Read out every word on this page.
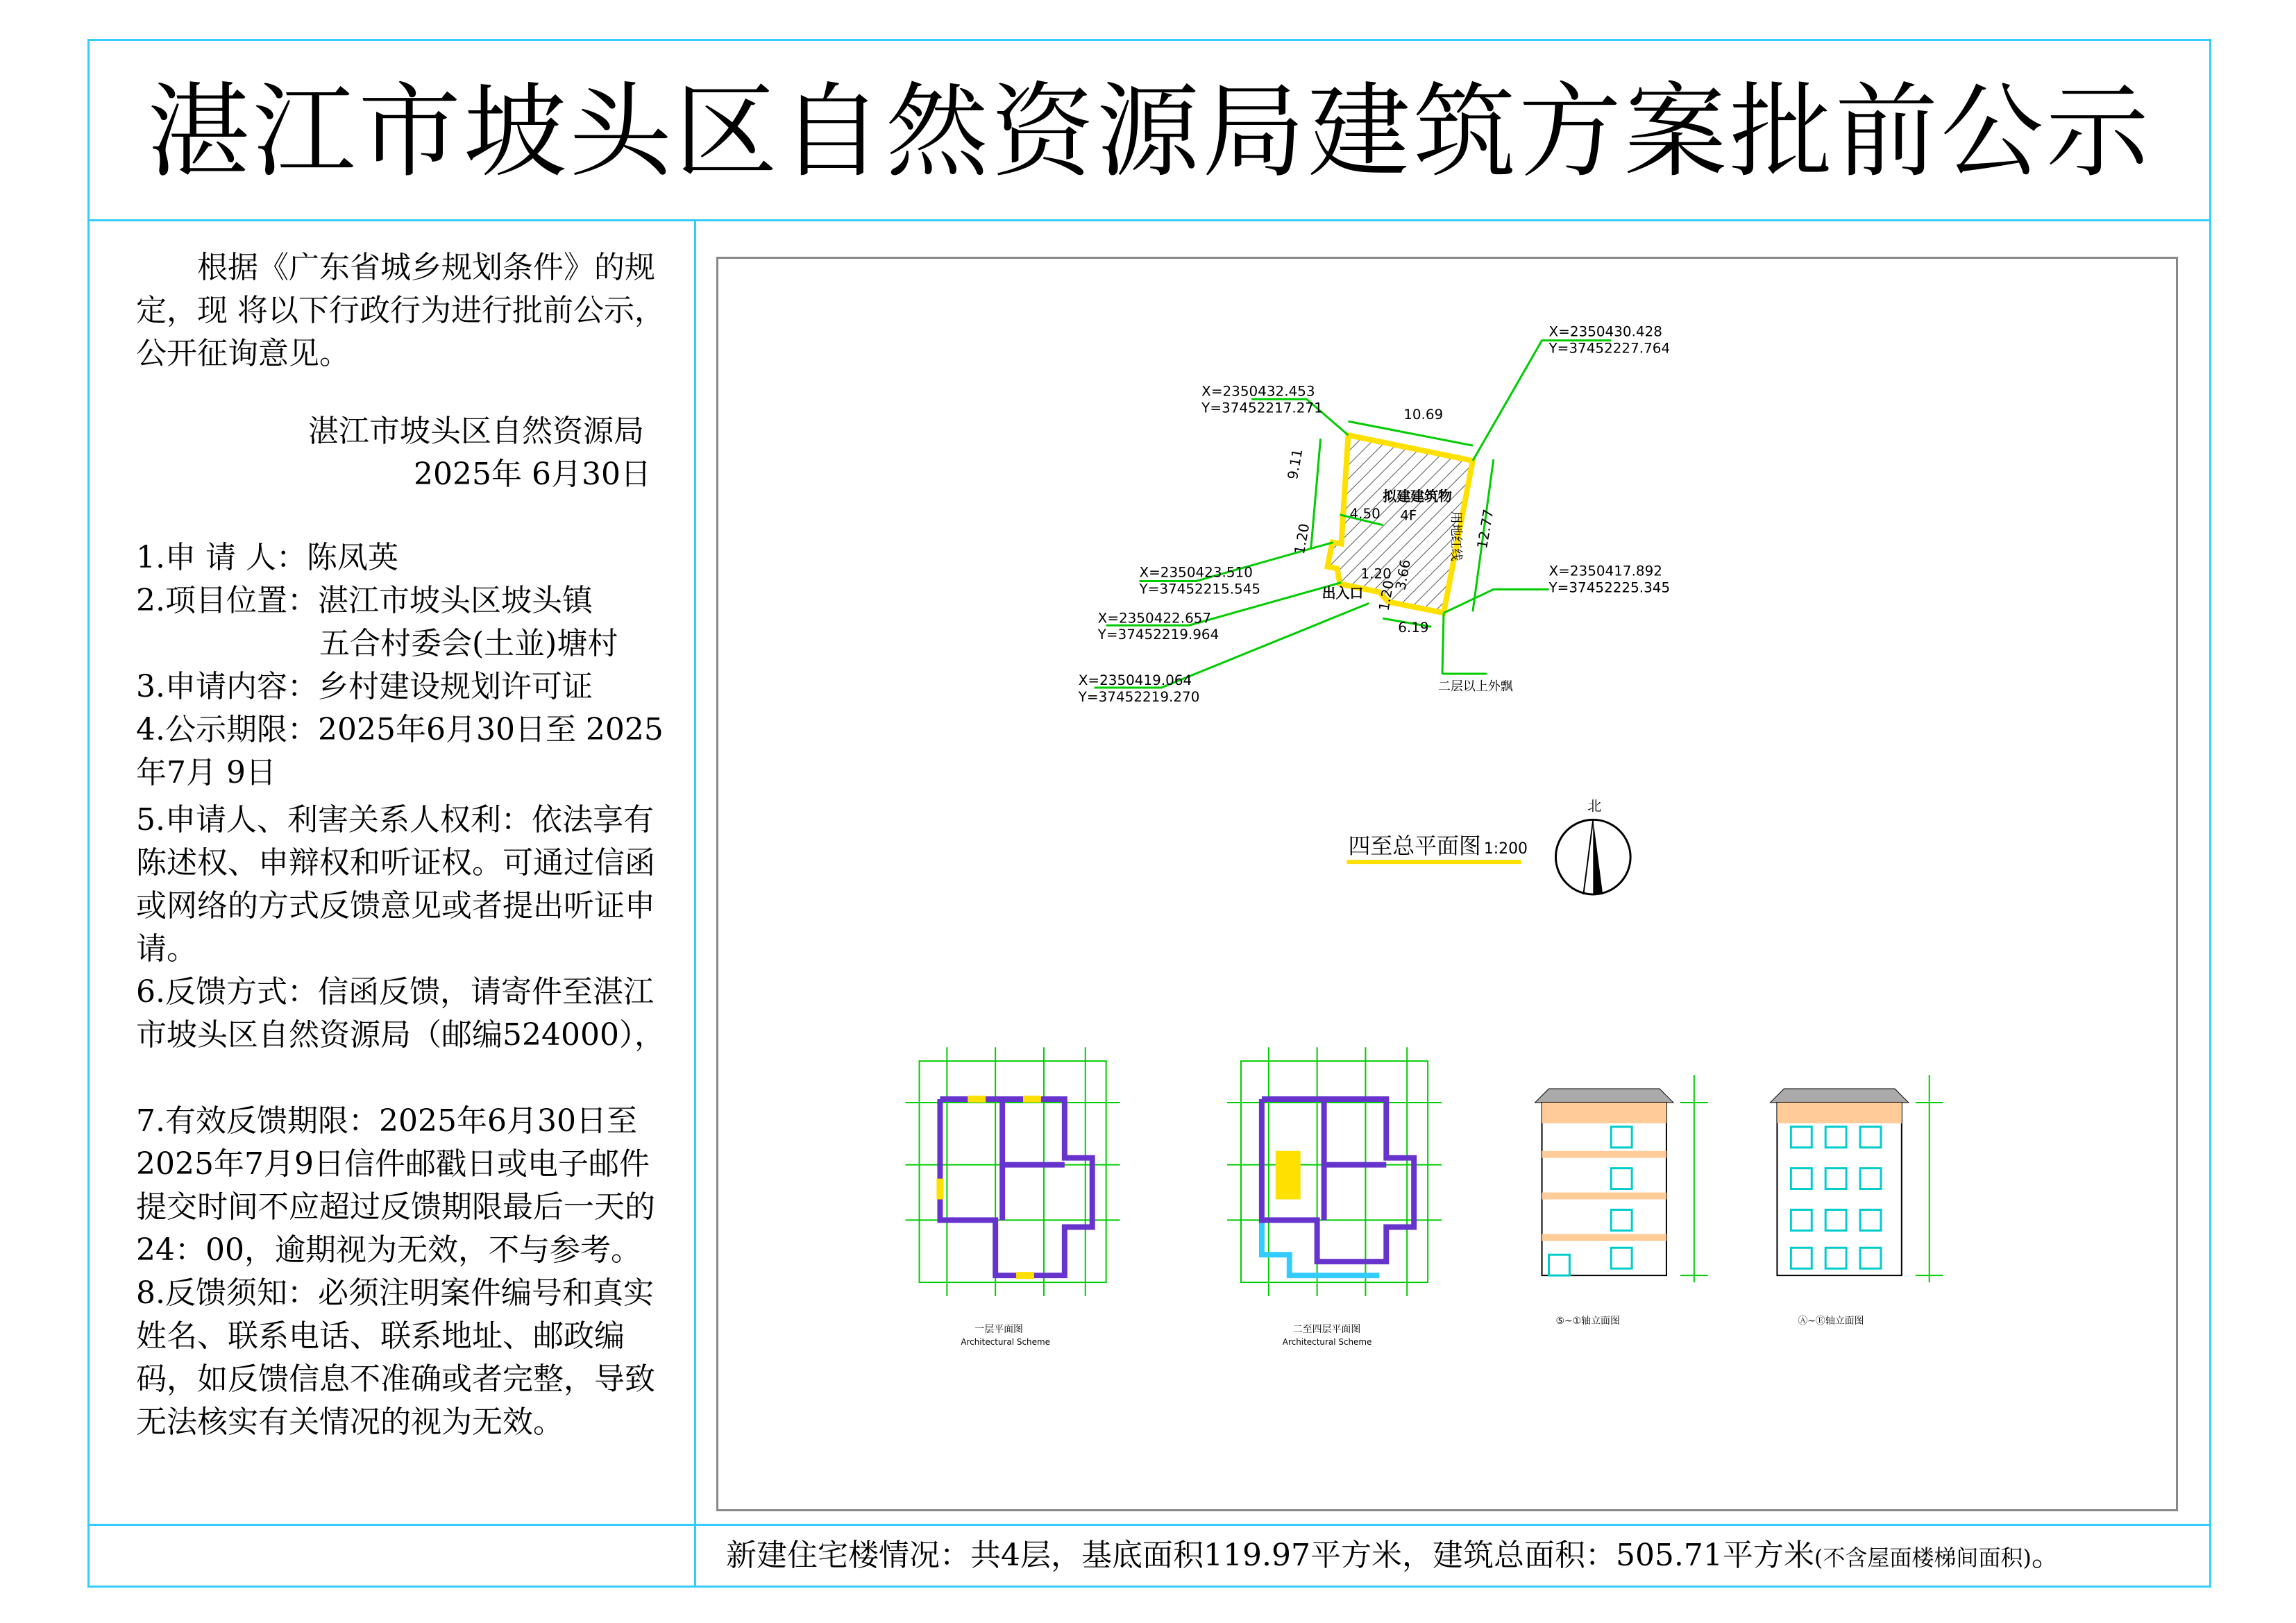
湛江市坡头区自然资源局建筑方案批前公示

根据《广东省城乡规划条件》的规定，现 将以下行政行为进行批前公示，公开征询意见。

湛江市坡头区自然资源局

2025年 6月30日

1.申 请 人：陈凤英

2.项目位置：湛江市坡头区坡头镇

五合村委会(土並)塘村

3.申请内容：乡村建设规划许可证

4.公示期限：2025年6月30日至 2025年7月 9日

5.申请人、利害关系人权利：依法享有陈述权、申辩权和听证权。可通过信函或网络的方式反馈意见或者提出听证申请。

6.反馈方式：信函反馈，请寄件至湛江市坡头区自然资源局（邮编524000），

7.有效反馈期限：2025年6月30日至2025年7月9日信件邮戳日或电子邮件提交时间不应超过反馈期限最后一天的24：00，逾期视为无效，不与参考。

8.反馈须知：必须注明案件编号和真实姓名、联系电话、联系地址、邮政编码，如反馈信息不准确或者完整，导致无法核实有关情况的视为无效。

X=2350432.453
Y=37452217.271
X=2350430.428
Y=37452227.764
X=2350423.510
Y=37452215.545
X=2350417.892
Y=37452225.345
X=2350422.657
Y=37452219.964
X=2350419.064
Y=37452219.270
10.69
9.11
12.77
4.50
1.20
1.20
1.20
3.66
6.19
拟建建筑物
4F	用地红线
出入口
二层以上外飘
四至总平面图 1:200
北
一层平面图
Architectural Scheme
二至四层平面图
Architectural Scheme
⑤~①轴立面图	Ⓐ~Ⓔ轴立面图
新建住宅楼情况：共4层，基底面积119.97平方米，建筑总面积：505.71平方米(不含屋面楼梯间面积)。
